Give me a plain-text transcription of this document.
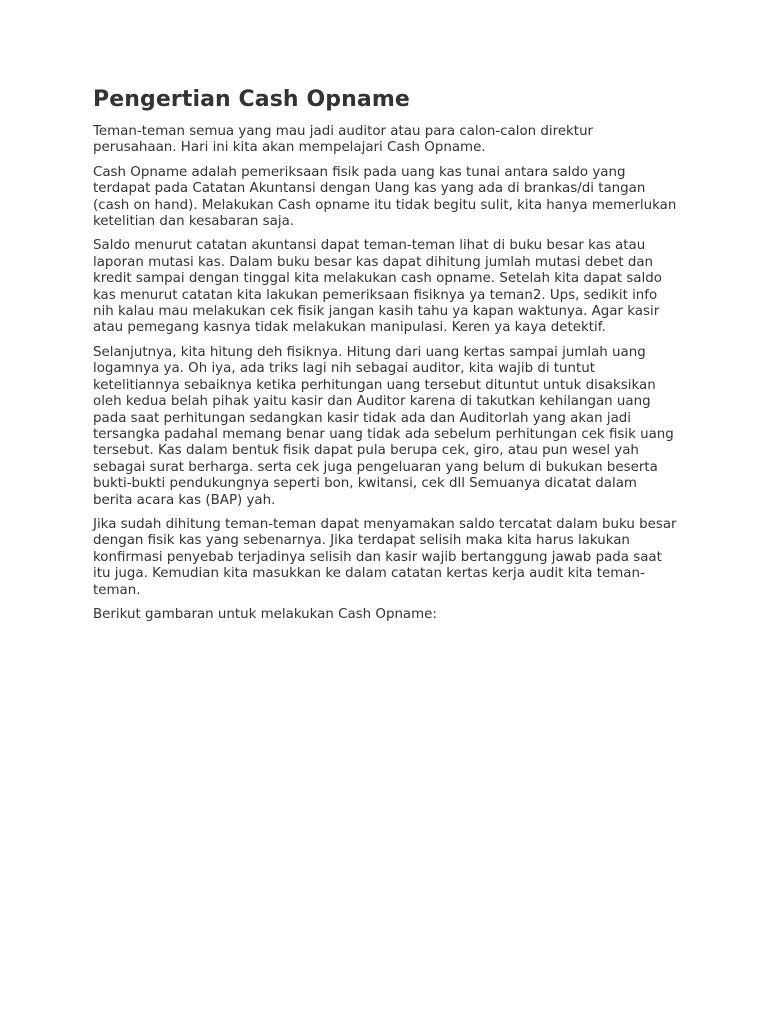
Pengertian Cash Opname

Teman-teman semua yang mau jadi auditor atau para calon-calon direktur perusahaan. Hari ini kita akan mempelajari Cash Opname.

Cash Opname adalah pemeriksaan fisik pada uang kas tunai antara saldo yang terdapat pada Catatan Akuntansi dengan Uang kas yang ada di brankas/di tangan (cash on hand). Melakukan Cash opname itu tidak begitu sulit, kita hanya memerlukan ketelitian dan kesabaran saja.

Saldo menurut catatan akuntansi dapat teman-teman lihat di buku besar kas atau laporan mutasi kas. Dalam buku besar kas dapat dihitung jumlah mutasi debet dan kredit sampai dengan tinggal kita melakukan cash opname. Setelah kita dapat saldo kas menurut catatan kita lakukan pemeriksaan fisiknya ya teman2. Ups, sedikit info nih kalau mau melakukan cek fisik jangan kasih tahu ya kapan waktunya. Agar kasir atau pemegang kasnya tidak melakukan manipulasi. Keren ya kaya detektif.

Selanjutnya, kita hitung deh fisiknya. Hitung dari uang kertas sampai jumlah uang logamnya ya. Oh iya, ada triks lagi nih sebagai auditor, kita wajib di tuntut ketelitiannya sebaiknya ketika perhitungan uang tersebut dituntut untuk disaksikan oleh kedua belah pihak yaitu kasir dan Auditor karena di takutkan kehilangan uang pada saat perhitungan sedangkan kasir tidak ada dan Auditorlah yang akan jadi tersangka padahal memang benar uang tidak ada sebelum perhitungan cek fisik uang tersebut. Kas dalam bentuk fisik dapat pula berupa cek, giro, atau pun wesel yah sebagai surat berharga. serta cek juga pengeluaran yang belum di bukukan beserta bukti-bukti pendukungnya seperti bon, kwitansi, cek dll Semuanya dicatat dalam berita acara kas (BAP) yah.

Jika sudah dihitung teman-teman dapat menyamakan saldo tercatat dalam buku besar dengan fisik kas yang sebenarnya. Jika terdapat selisih maka kita harus lakukan konfirmasi penyebab terjadinya selisih dan kasir wajib bertanggung jawab pada saat itu juga. Kemudian kita masukkan ke dalam catatan kertas kerja audit kita teman-teman.

Berikut gambaran untuk melakukan Cash Opname:
